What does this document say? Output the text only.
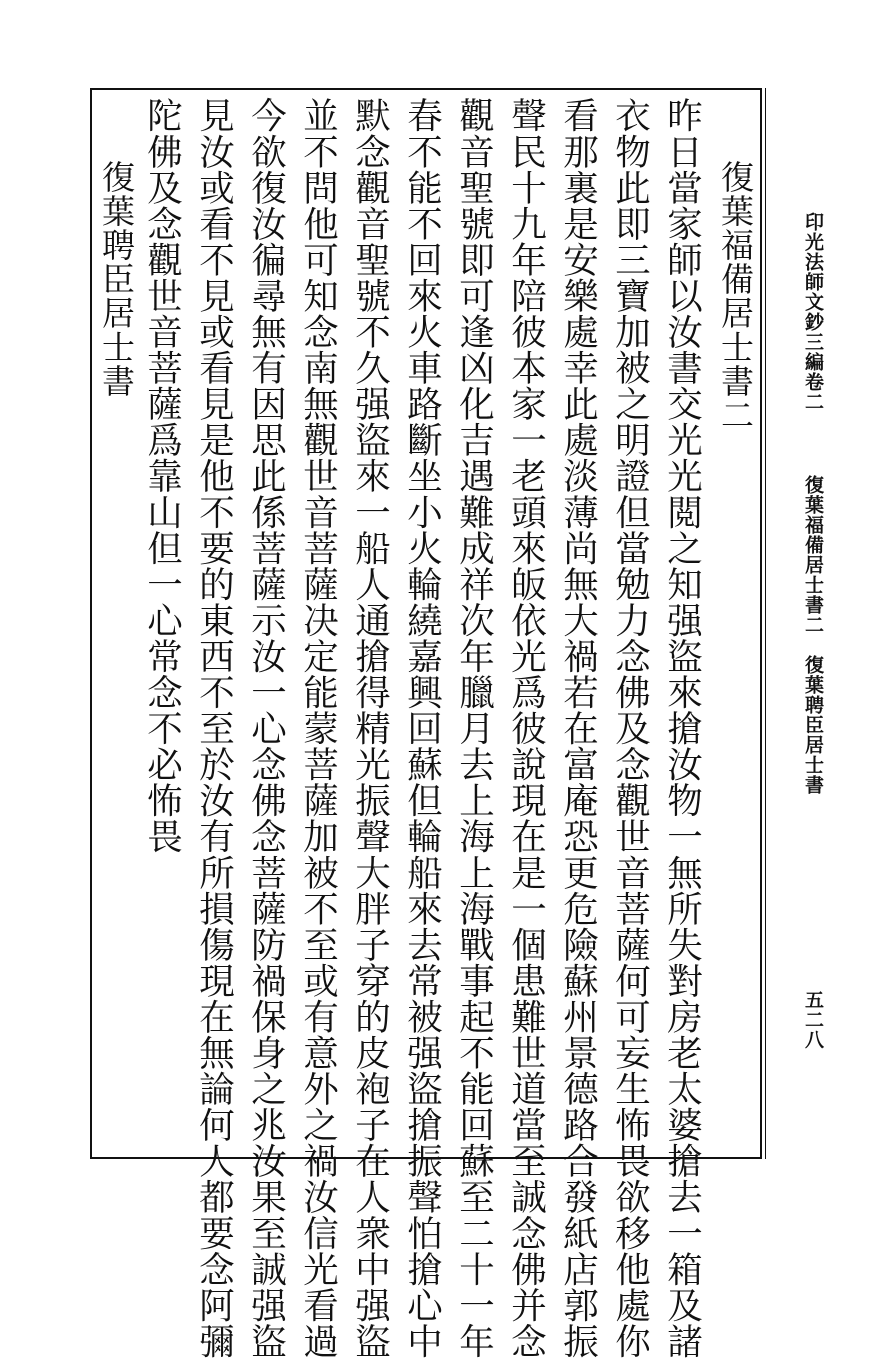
印光法師文鈔三編卷二
復葉福備居士書二　復葉聘臣居士書
五二八
復葉福備居士書二
昨日當家師以汝書交光光閲之知强盜來搶汝物一無所失對房老太婆搶去一箱及諸
衣物此即三寶加被之明證但當勉力念佛及念觀世音菩薩何可妄生怖畏欲移他處你
看那裏是安樂處幸此處淡薄尚無大禍若在富庵恐更危險蘇州景德路合發紙店郭振
聲民十九年陪彼本家一老頭來皈依光爲彼說現在是一個患難世道當至誠念佛并念
觀音聖號即可逢凶化吉遇難成祥次年臘月去上海上海戰事起不能回蘇至二十一年
春不能不回來火車路斷坐小火輪繞嘉興回蘇但輪船來去常被强盜搶振聲怕搶心中
默念觀音聖號不久强盜來一船人通搶得精光振聲大胖子穿的皮袍子在人衆中强盜
並不問他可知念南無觀世音菩薩决定能蒙菩薩加被不至或有意外之禍汝信光看過
今欲復汝徧尋無有因思此係菩薩示汝一心念佛念菩薩防禍保身之兆汝果至誠强盜
見汝或看不見或看見是他不要的東西不至於汝有所損傷現在無論何人都要念阿彌
陀佛及念觀世音菩薩爲靠山但一心常念不必怖畏
復葉聘臣居士書
